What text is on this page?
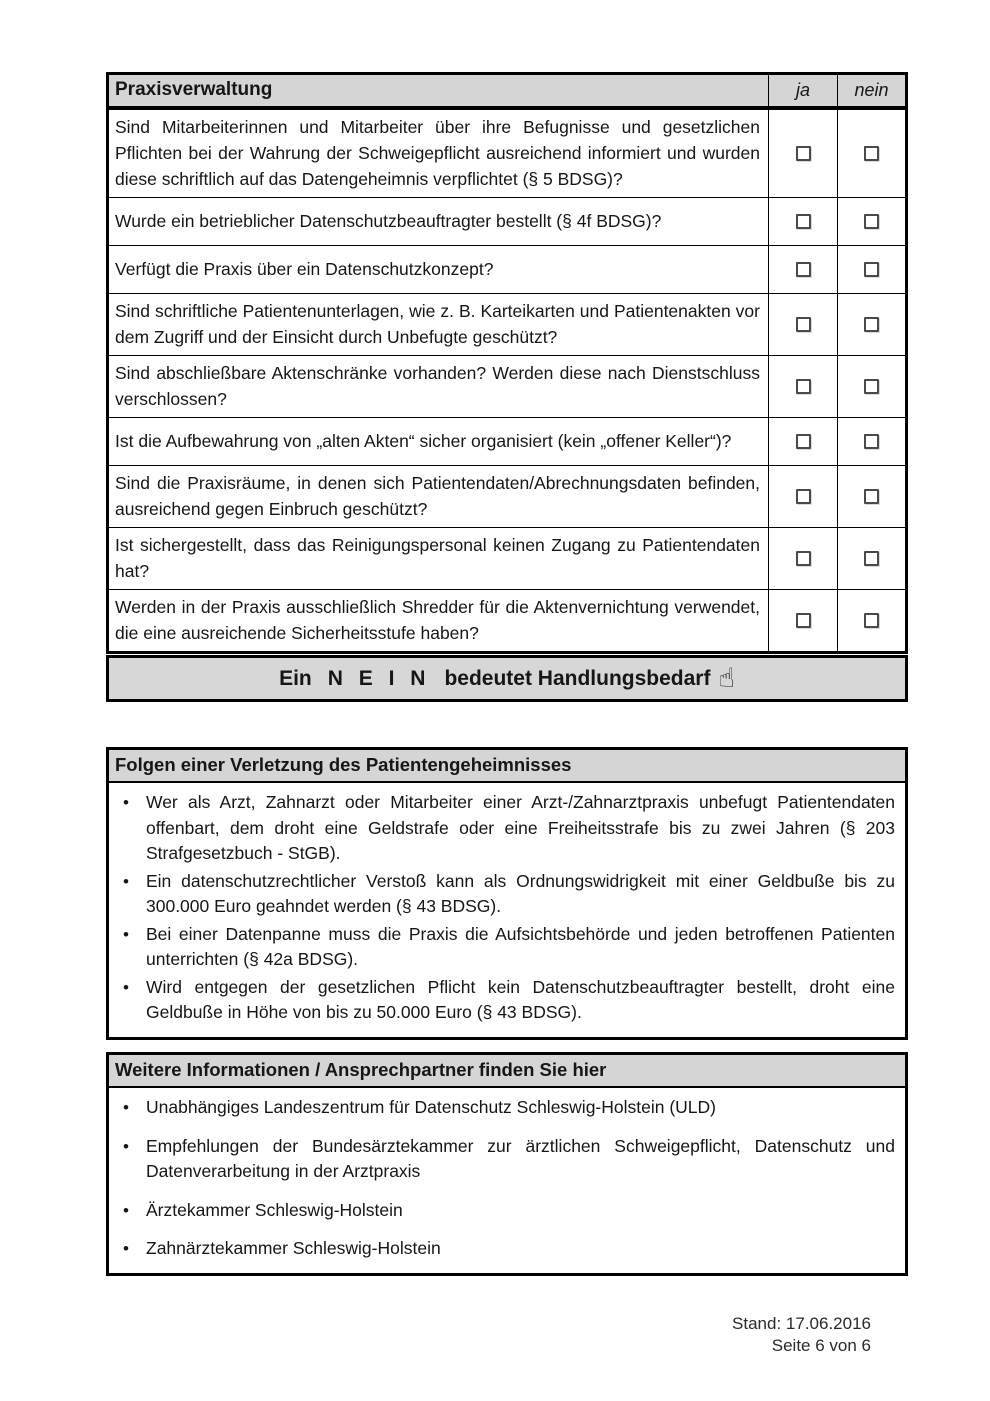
Praxisverwaltung	ja	nein
Sind Mitarbeiterinnen und Mitarbeiter über ihre Befugnisse und gesetzlichen Pflichten bei der Wahrung der Schweigepflicht ausreichend informiert und wurden diese schriftlich auf das Datengeheimnis verpflichtet (§ 5 BDSG)?
Wurde ein betrieblicher Datenschutzbeauftragter bestellt (§ 4f BDSG)?
Verfügt die Praxis über ein Datenschutzkonzept?
Sind schriftliche Patientenunterlagen, wie z. B. Karteikarten und Patientenakten vor dem Zugriff und der Einsicht durch Unbefugte geschützt?
Sind abschließbare Aktenschränke vorhanden? Werden diese nach Dienstschluss verschlossen?
Ist die Aufbewahrung von „alten Akten“ sicher organisiert (kein „offener Keller“)?
Sind die Praxisräume, in denen sich Patientendaten/Abrechnungsdaten befinden, ausreichend gegen Einbruch geschützt?
Ist sichergestellt, dass das Reinigungspersonal keinen Zugang zu Patientendaten hat?
Werden in der Praxis ausschließlich Shredder für die Aktenvernichtung verwendet, die eine ausreichende Sicherheitsstufe haben?
Ein N E I N bedeutet Handlungsbedarf ☝
Folgen einer Verletzung des Patientengeheimnisses
• Wer als Arzt, Zahnarzt oder Mitarbeiter einer Arzt-/Zahnarztpraxis unbefugt Patientendaten offenbart, dem droht eine Geldstrafe oder eine Freiheitsstrafe bis zu zwei Jahren (§ 203 Strafgesetzbuch - StGB).
• Ein datenschutzrechtlicher Verstoß kann als Ordnungswidrigkeit mit einer Geldbuße bis zu 300.000 Euro geahndet werden (§ 43 BDSG).
• Bei einer Datenpanne muss die Praxis die Aufsichtsbehörde und jeden betroffenen Patienten unterrichten (§ 42a BDSG).
• Wird entgegen der gesetzlichen Pflicht kein Datenschutzbeauftragter bestellt, droht eine Geldbuße in Höhe von bis zu 50.000 Euro (§ 43 BDSG).
Weitere Informationen / Ansprechpartner finden Sie hier
• Unabhängiges Landeszentrum für Datenschutz Schleswig-Holstein (ULD)
• Empfehlungen der Bundesärztekammer zur ärztlichen Schweigepflicht, Datenschutz und Datenverarbeitung in der Arztpraxis
• Ärztekammer Schleswig-Holstein
• Zahnärztekammer Schleswig-Holstein
Stand: 17.06.2016
Seite 6 von 6
